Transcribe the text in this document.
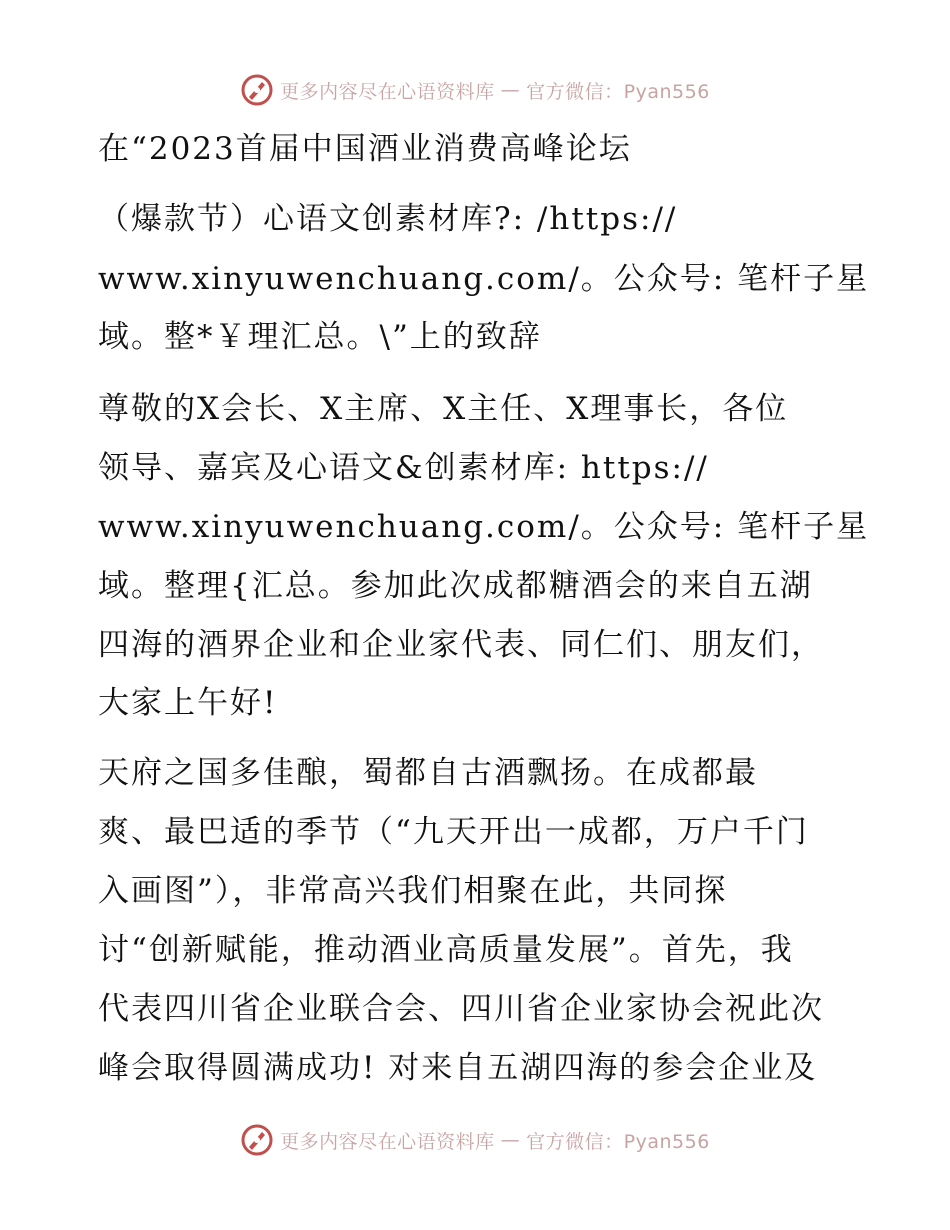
更多内容尽在心语资料库 — 官方微信：Pyan556
在“2023首届中国酒业消费高峰论坛
（爆款节）心语文创素材库?: /https://
www.xinyuwenchuang.com/。公众号: 笔杆子星
域。整*￥理汇总。\”上的致辞
尊敬的X会长、X主席、X主任、X理事长，各位
领导、嘉宾及心语文&创素材库: https://
www.xinyuwenchuang.com/。公众号: 笔杆子星
域。整理{汇总。参加此次成都糖酒会的来自五湖
四海的酒界企业和企业家代表、同仁们、朋友们，
大家上午好!
天府之国多佳酿，蜀都自古酒飘扬。在成都最
爽、最巴适的季节（“九天开出一成都，万户千门
入画图”），非常高兴我们相聚在此，共同探
讨“创新赋能，推动酒业高质量发展”。首先，我
代表四川省企业联合会、四川省企业家协会祝此次
峰会取得圆满成功! 对来自五湖四海的参会企业及
更多内容尽在心语资料库 — 官方微信：Pyan556
